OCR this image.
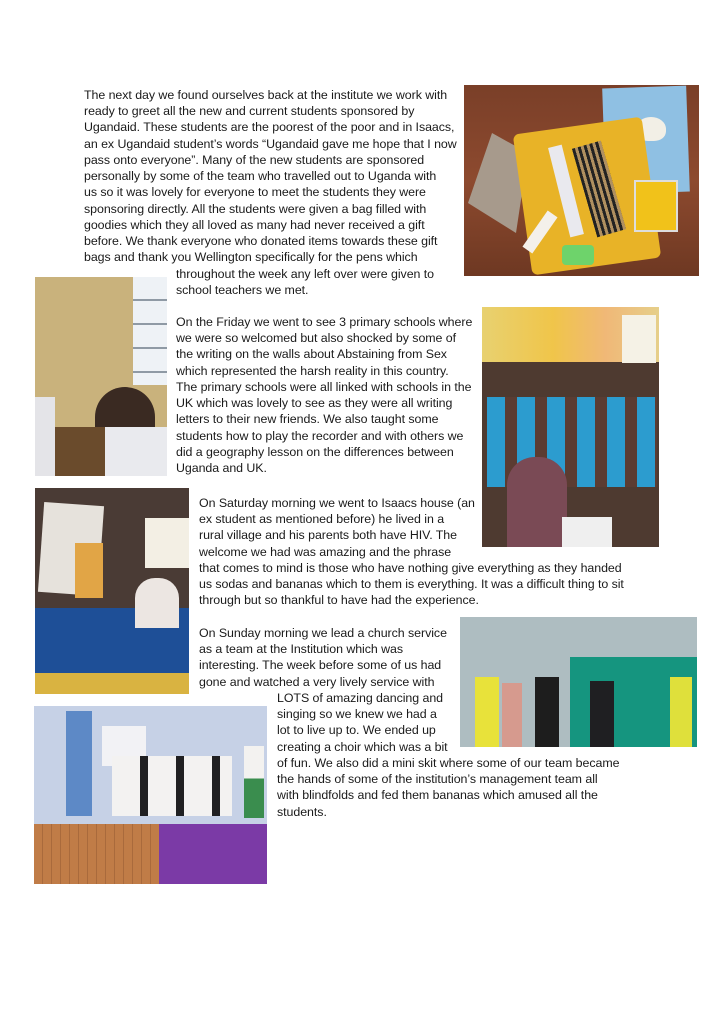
The next day we found ourselves back at the institute we work with
ready to greet all the new and current students sponsored by
Ugandaid. These students are the poorest of the poor and in Isaacs,
an ex Ugandaid student’s words “Ugandaid gave me hope that I now
pass onto everyone”. Many of the new students are sponsored
personally by some of the team who travelled out to Uganda with
us so it was lovely for everyone to meet the students they were
sponsoring directly. All the students were given a bag filled with
goodies which they all loved as many had never received a gift
before. We thank everyone who donated items towards these gift
bags and thank you Wellington specifically for the pens which
throughout the week any left over were given to
school teachers we met.
On the Friday we went to see 3 primary schools where
we were so welcomed but also shocked by some of
the writing on the walls about Abstaining from Sex
which represented the harsh reality in this country.
The primary schools were all linked with schools in the
UK which was lovely to see as they were all writing
letters to their new friends. We also taught some
students how to play the recorder and with others we
did a geography lesson on the differences between
Uganda and UK.
On Saturday morning we went to Isaacs house (an
ex student as mentioned before) he lived in a
rural village and his parents both have HIV. The
welcome we had was amazing and the phrase
that comes to mind is those who have nothing give everything as they handed
us sodas and bananas which to them is everything. It was a difficult thing to sit
through but so thankful to have had the experience.
On Sunday morning we lead a church service
as a team at the Institution which was
interesting. The week before some of us had
gone and watched a very lively service with
LOTS of amazing dancing and
singing so we knew we had a
lot to live up to. We ended up
creating a choir which was a bit
of fun. We also did a mini skit where some of our team became
the hands of some of the institution’s management team all
with blindfolds and fed them bananas which amused all the
students.
